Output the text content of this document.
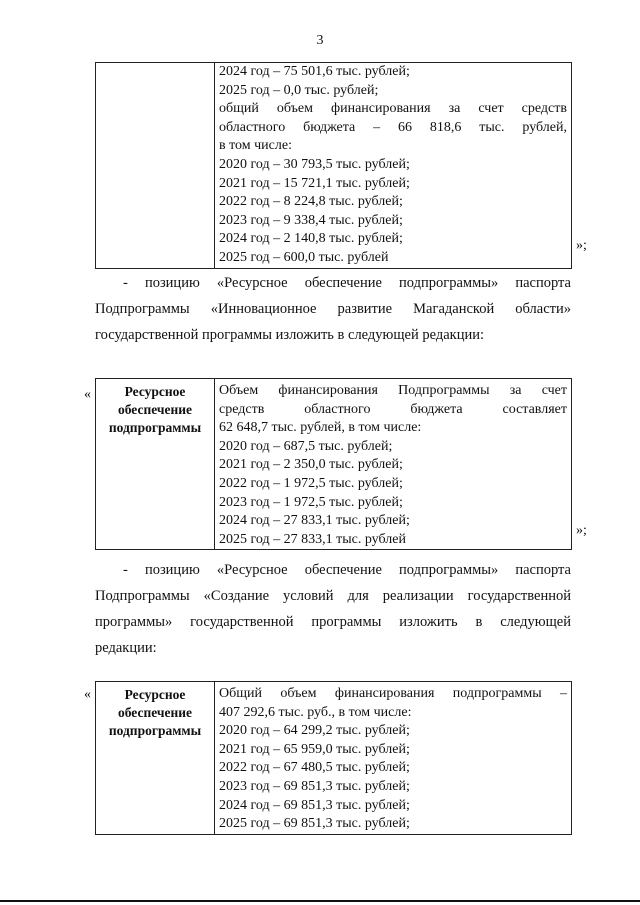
3

2024 год – 75 501,6 тыс. рублей;
2025 год – 0,0 тыс. рублей;
общий объем финансирования за счет средств
областного бюджета – 66 818,6 тыс. рублей,
в том числе:
2020 год – 30 793,5 тыс. рублей;
2021 год – 15 721,1 тыс. рублей;
2022 год – 8 224,8 тыс. рублей;
2023 год – 9 338,4 тыс. рублей;
2024 год – 2 140,8 тыс. рублей;
2025 год – 600,0 тыс. рублей
»;
- позицию «Ресурсное обеспечение подпрограммы» паспорта
Подпрограммы «Инновационное развитие Магаданской области»
государственной программы изложить в следующей редакции:
«	Ресурсное
обеспечение
подпрограммы

Объем финансирования Подпрограммы за счет
средств областного бюджета составляет
62 648,7 тыс. рублей, в том числе:
2020 год – 687,5 тыс. рублей;
2021 год – 2 350,0 тыс. рублей;
2022 год – 1 972,5 тыс. рублей;
2023 год – 1 972,5 тыс. рублей;
2024 год – 27 833,1 тыс. рублей;
2025 год – 27 833,1 тыс. рублей
»;
- позицию «Ресурсное обеспечение подпрограммы» паспорта
Подпрограммы «Создание условий для реализации государственной
программы» государственной программы изложить в следующей
редакции:
«	Ресурсное
обеспечение
подпрограммы

Общий объем финансирования подпрограммы –
407 292,6 тыс. руб., в том числе:
2020 год – 64 299,2 тыс. рублей;
2021 год – 65 959,0 тыс. рублей;
2022 год – 67 480,5 тыс. рублей;
2023 год – 69 851,3 тыс. рублей;
2024 год – 69 851,3 тыс. рублей;
2025 год – 69 851,3 тыс. рублей;
